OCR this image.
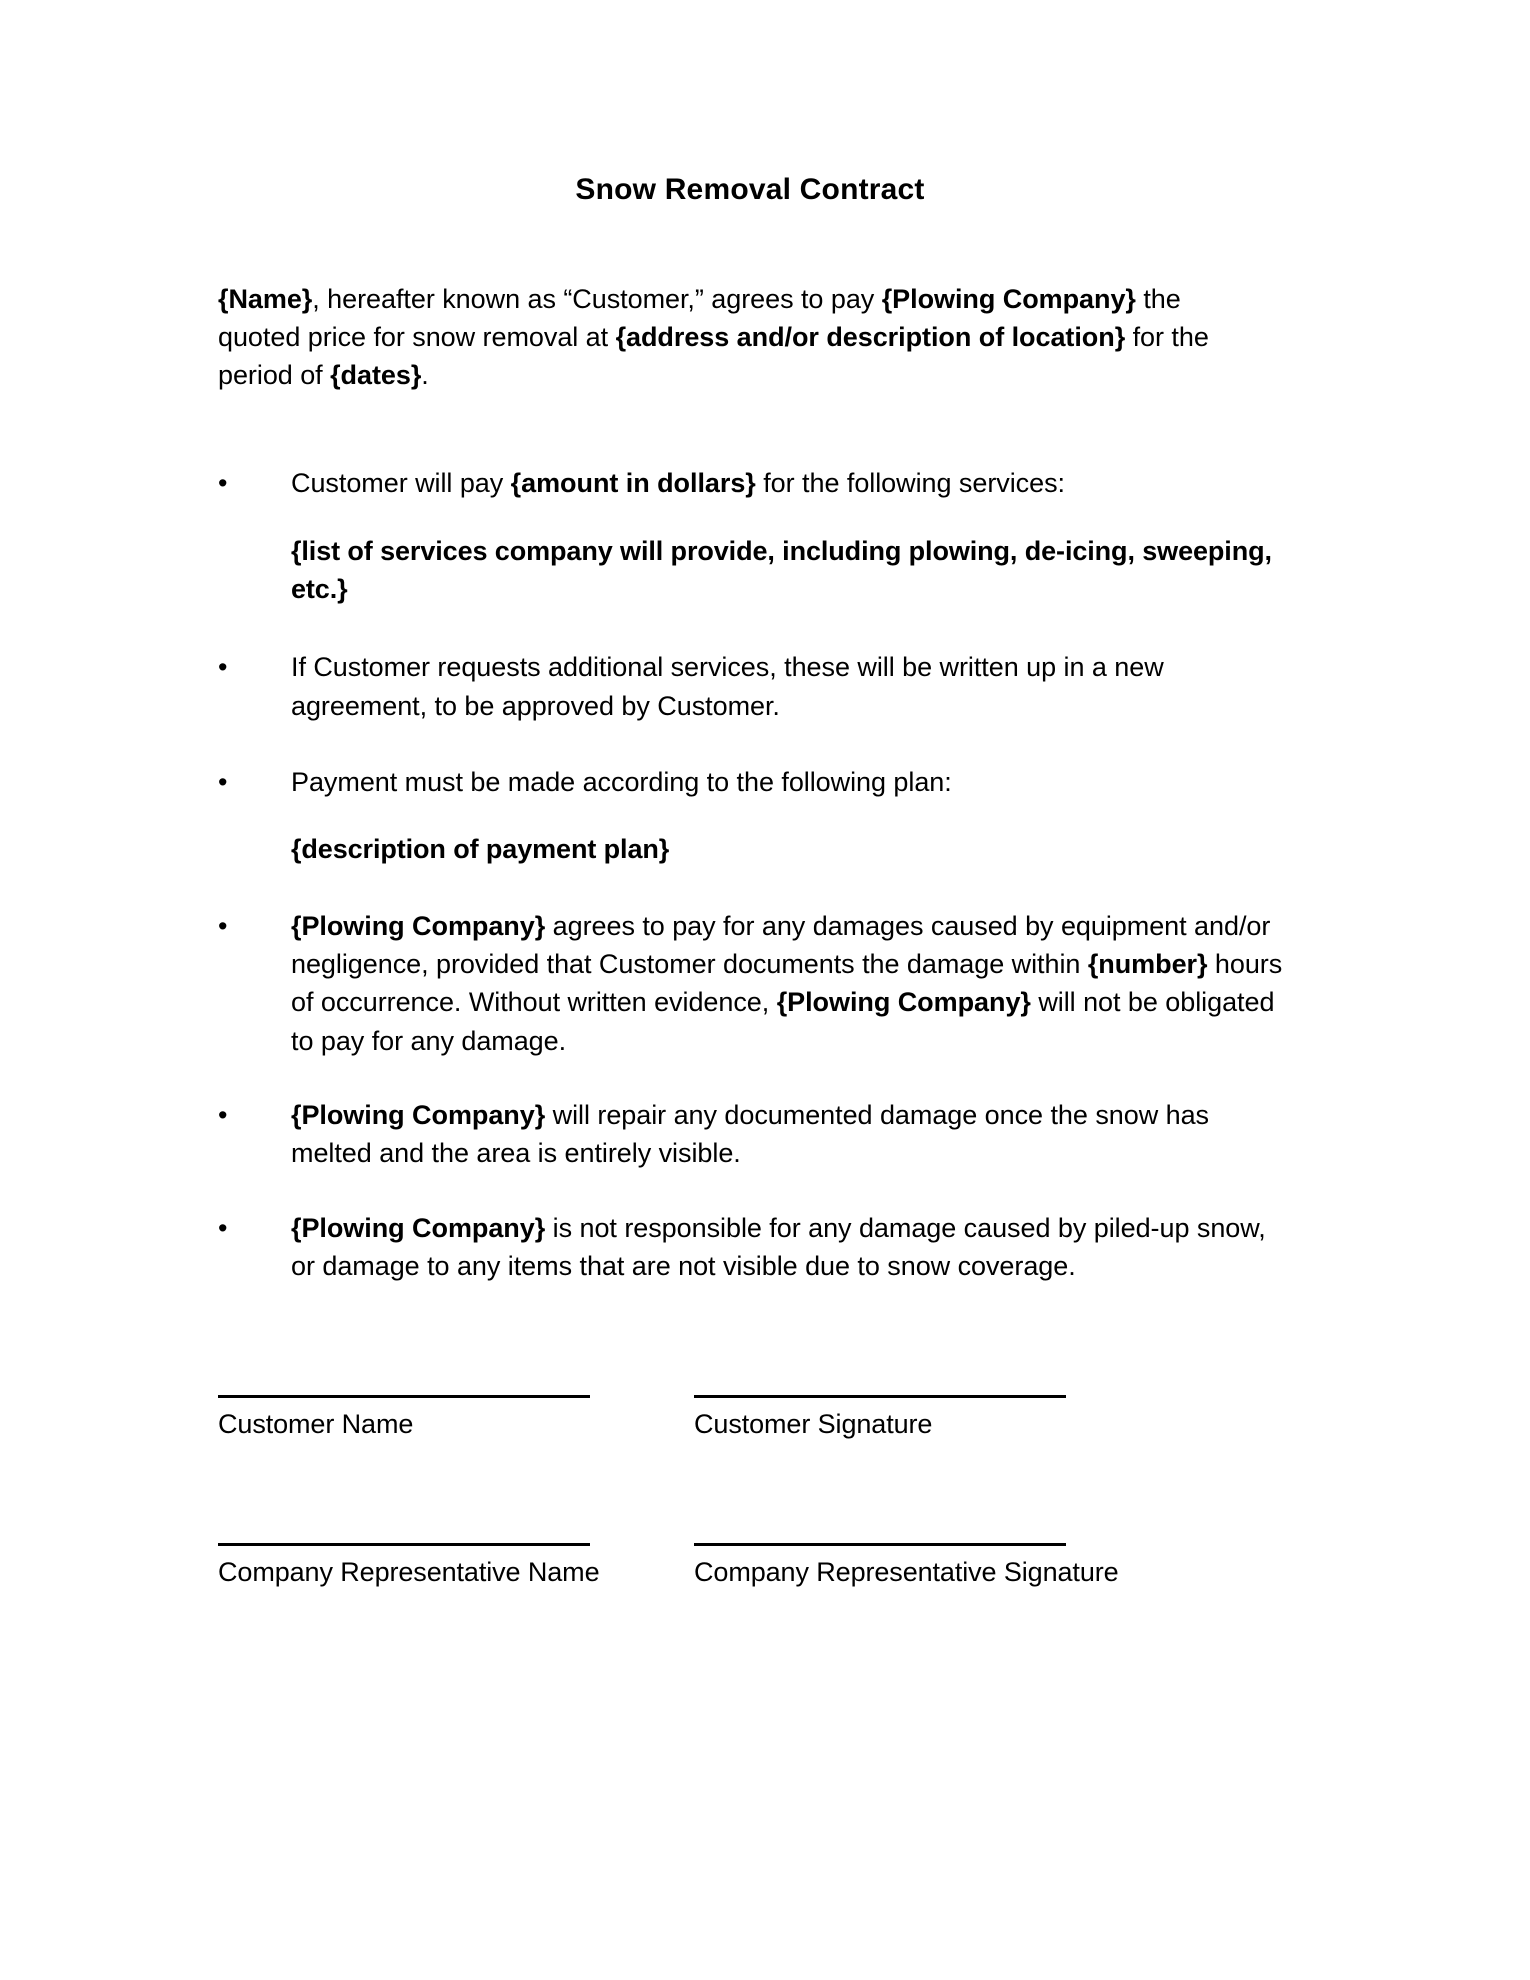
Snow Removal Contract

{Name}, hereafter known as “Customer,” agrees to pay {Plowing Company} the quoted price for snow removal at {address and/or description of location} for the period of {dates}.

•	Customer will pay {amount in dollars} for the following services:
{list of services company will provide, including plowing, de-icing, sweeping, etc.}
•	If Customer requests additional services, these will be written up in a new agreement, to be approved by Customer.
•	Payment must be made according to the following plan:
{description of payment plan}
•	{Plowing Company} agrees to pay for any damages caused by equipment and/or negligence, provided that Customer documents the damage within {number} hours of occurrence. Without written evidence, {Plowing Company} will not be obligated to pay for any damage.
•	{Plowing Company} will repair any documented damage once the snow has melted and the area is entirely visible.
•	{Plowing Company} is not responsible for any damage caused by piled-up snow, or damage to any items that are not visible due to snow coverage.
Customer Name	Customer Signature
Company Representative Name	Company Representative Signature
